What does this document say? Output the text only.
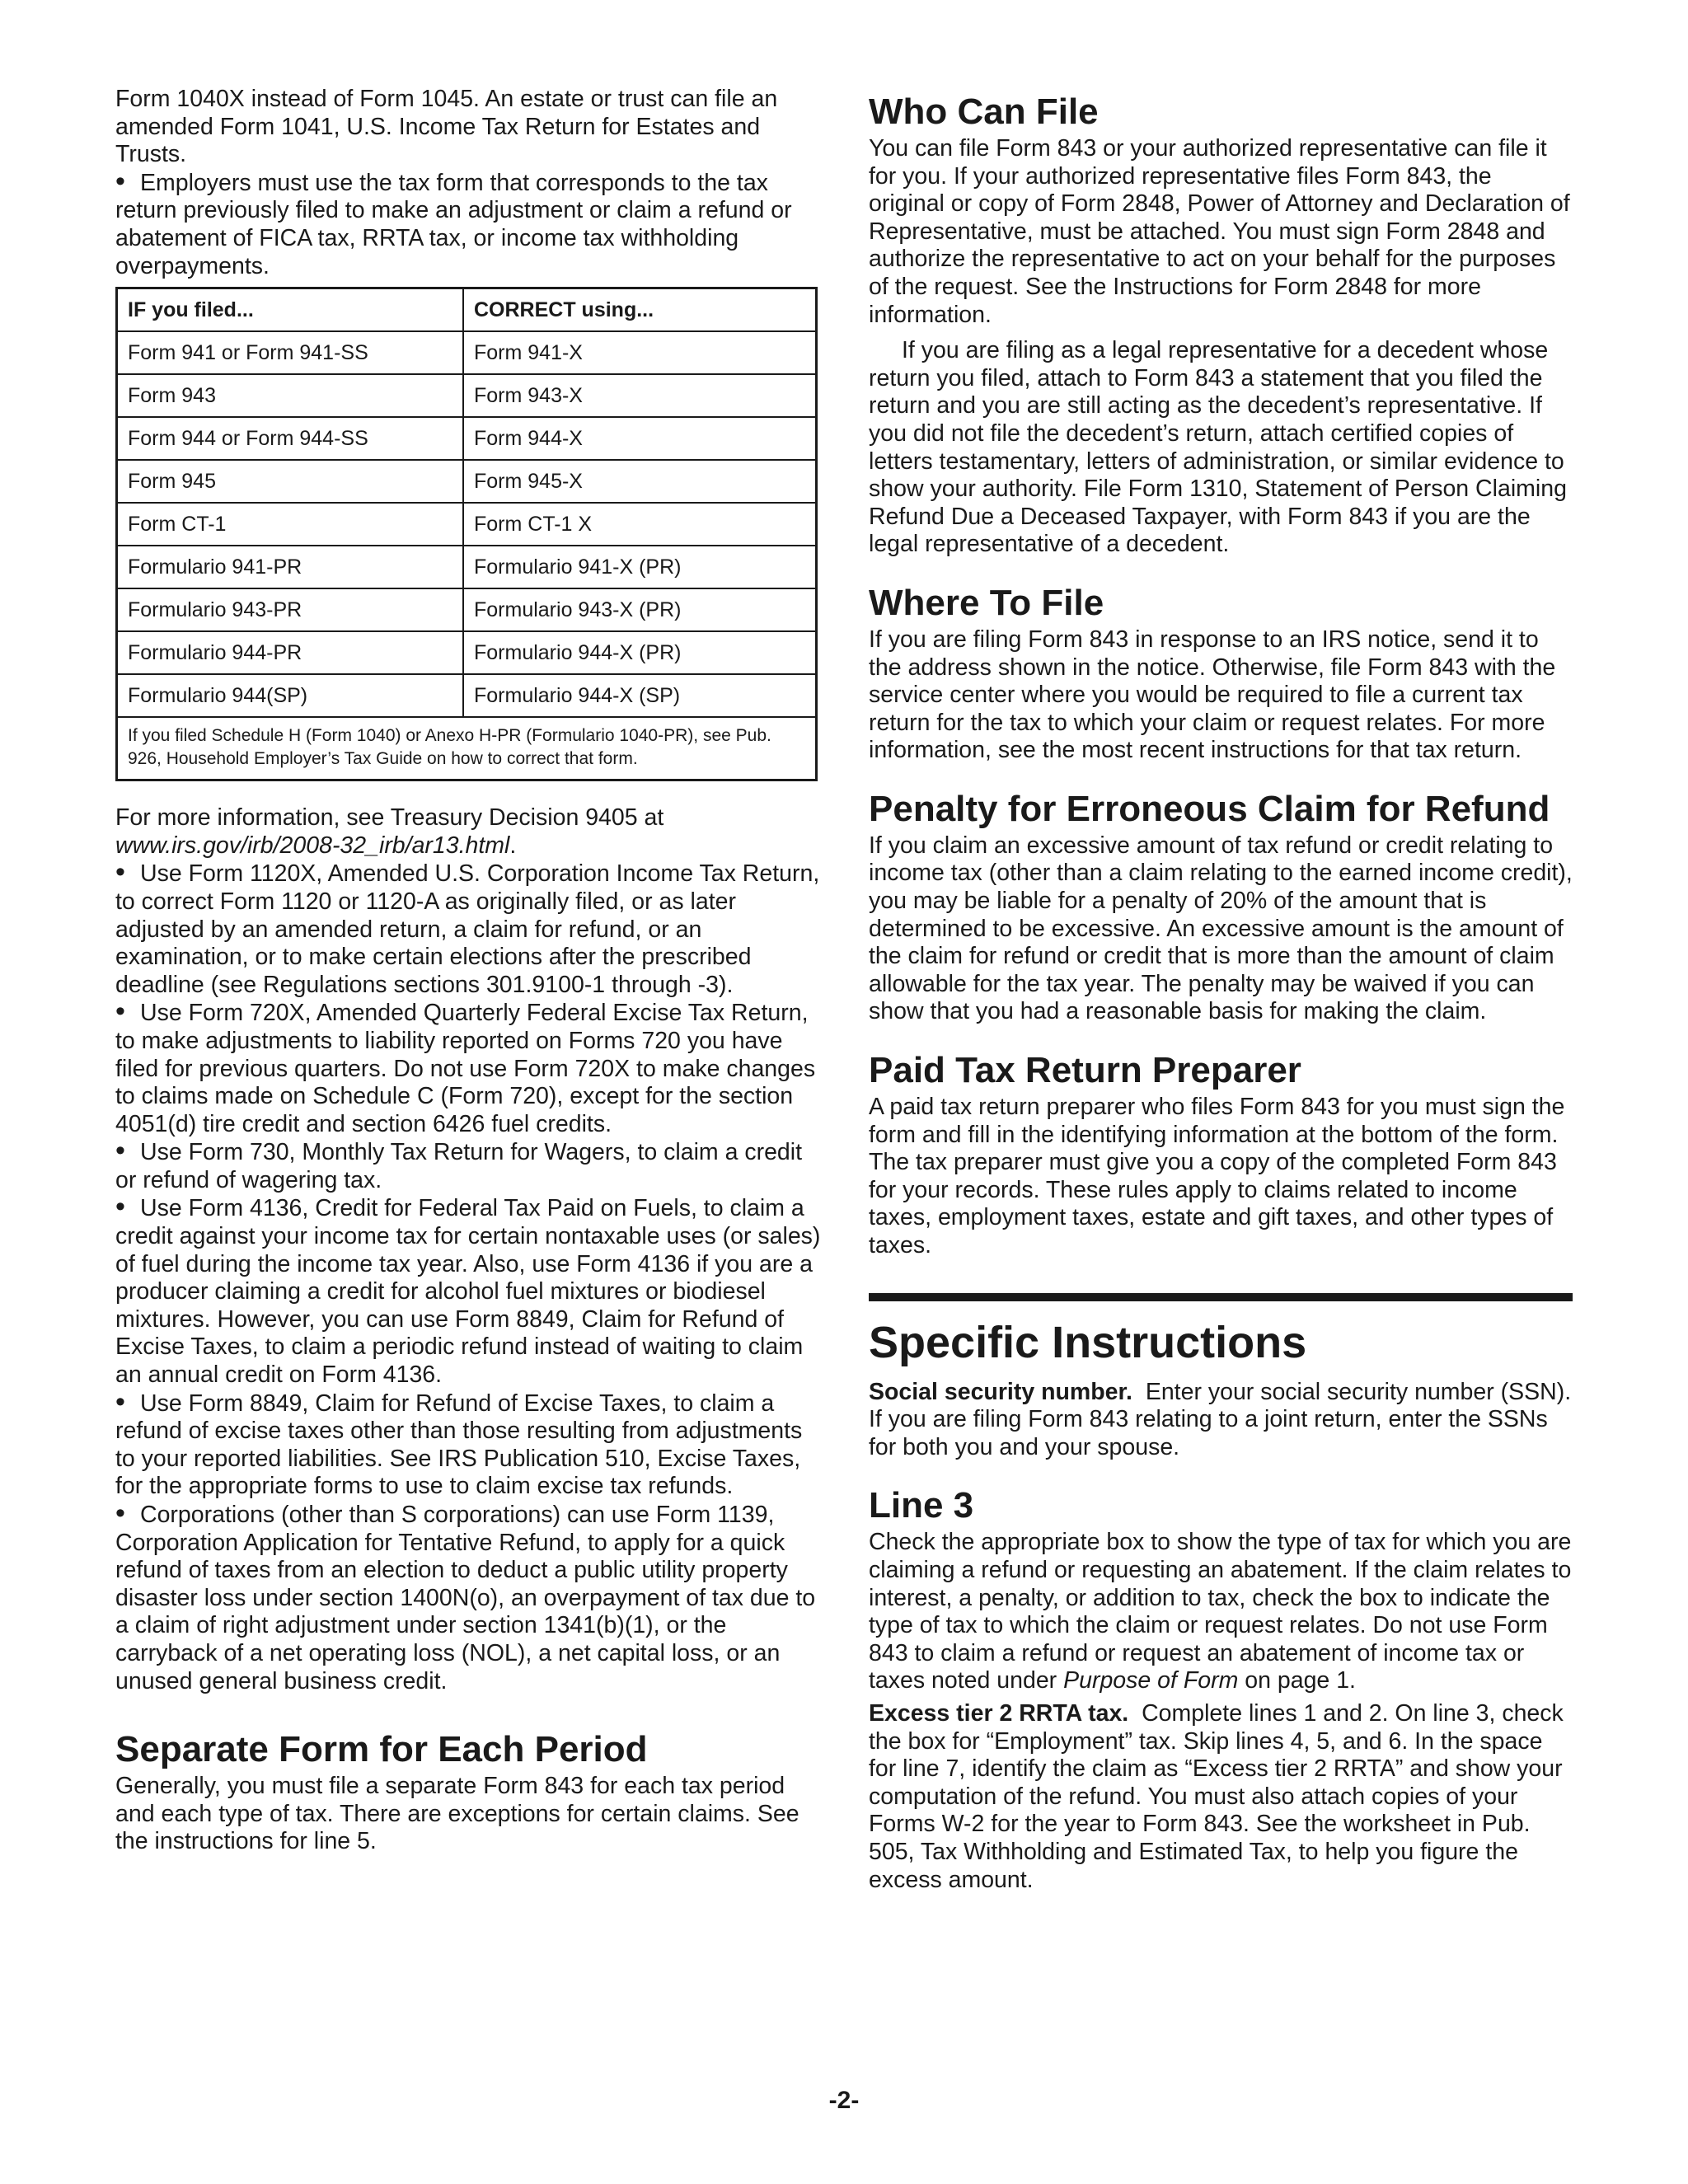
Form 1040X instead of Form 1045. An estate or trust can file an amended Form 1041, U.S. Income Tax Return for Estates and Trusts.

• Employers must use the tax form that corresponds to the tax return previously filed to make an adjustment or claim a refund or abatement of FICA tax, RRTA tax, or income tax withholding overpayments.

IF you filed...	CORRECT using...
Form 941 or Form 941-SS	Form 941-X
Form 943	Form 943-X
Form 944 or Form 944-SS	Form 944-X
Form 945	Form 945-X
Form CT-1	Form CT-1 X
Formulario 941-PR	Formulario 941-X (PR)
Formulario 943-PR	Formulario 943-X (PR)
Formulario 944-PR	Formulario 944-X (PR)
Formulario 944(SP)	Formulario 944-X (SP)
If you filed Schedule H (Form 1040) or Anexo H-PR (Formulario 1040-PR), see Pub. 926, Household Employer’s Tax Guide on how to correct that form.	

For more information, see Treasury Decision 9405 at www.irs.gov/irb/2008-32_irb/ar13.html.

• Use Form 1120X, Amended U.S. Corporation Income Tax Return, to correct Form 1120 or 1120-A as originally filed, or as later adjusted by an amended return, a claim for refund, or an examination, or to make certain elections after the prescribed deadline (see Regulations sections 301.9100-1 through -3).

• Use Form 720X, Amended Quarterly Federal Excise Tax Return, to make adjustments to liability reported on Forms 720 you have filed for previous quarters. Do not use Form 720X to make changes to claims made on Schedule C (Form 720), except for the section 4051(d) tire credit and section 6426 fuel credits.

• Use Form 730, Monthly Tax Return for Wagers, to claim a credit or refund of wagering tax.

• Use Form 4136, Credit for Federal Tax Paid on Fuels, to claim a credit against your income tax for certain nontaxable uses (or sales) of fuel during the income tax year. Also, use Form 4136 if you are a producer claiming a credit for alcohol fuel mixtures or biodiesel mixtures. However, you can use Form 8849, Claim for Refund of Excise Taxes, to claim a periodic refund instead of waiting to claim an annual credit on Form 4136.

• Use Form 8849, Claim for Refund of Excise Taxes, to claim a refund of excise taxes other than those resulting from adjustments to your reported liabilities. See IRS Publication 510, Excise Taxes, for the appropriate forms to use to claim excise tax refunds.

• Corporations (other than S corporations) can use Form 1139, Corporation Application for Tentative Refund, to apply for a quick refund of taxes from an election to deduct a public utility property disaster loss under section 1400N(o), an overpayment of tax due to a claim of right adjustment under section 1341(b)(1), or the carryback of a net operating loss (NOL), a net capital loss, or an unused general business credit.

Separate Form for Each Period

Generally, you must file a separate Form 843 for each tax period and each type of tax. There are exceptions for certain claims. See the instructions for line 5.

Who Can File

You can file Form 843 or your authorized representative can file it for you. If your authorized representative files Form 843, the original or copy of Form 2848, Power of Attorney and Declaration of Representative, must be attached. You must sign Form 2848 and authorize the representative to act on your behalf for the purposes of the request. See the Instructions for Form 2848 for more information.

If you are filing as a legal representative for a decedent whose return you filed, attach to Form 843 a statement that you filed the return and you are still acting as the decedent’s representative. If you did not file the decedent’s return, attach certified copies of letters testamentary, letters of administration, or similar evidence to show your authority. File Form 1310, Statement of Person Claiming Refund Due a Deceased Taxpayer, with Form 843 if you are the legal representative of a decedent.

Where To File

If you are filing Form 843 in response to an IRS notice, send it to the address shown in the notice. Otherwise, file Form 843 with the service center where you would be required to file a current tax return for the tax to which your claim or request relates. For more information, see the most recent instructions for that tax return.

Penalty for Erroneous Claim for Refund

If you claim an excessive amount of tax refund or credit relating to income tax (other than a claim relating to the earned income credit), you may be liable for a penalty of 20% of the amount that is determined to be excessive. An excessive amount is the amount of the claim for refund or credit that is more than the amount of claim allowable for the tax year. The penalty may be waived if you can show that you had a reasonable basis for making the claim.

Paid Tax Return Preparer

A paid tax return preparer who files Form 843 for you must sign the form and fill in the identifying information at the bottom of the form. The tax preparer must give you a copy of the completed Form 843 for your records. These rules apply to claims related to income taxes, employment taxes, estate and gift taxes, and other types of taxes.

Specific Instructions

Social security number. Enter your social security number (SSN). If you are filing Form 843 relating to a joint return, enter the SSNs for both you and your spouse.

Line 3

Check the appropriate box to show the type of tax for which you are claiming a refund or requesting an abatement. If the claim relates to interest, a penalty, or addition to tax, check the box to indicate the type of tax to which the claim or request relates. Do not use Form 843 to claim a refund or request an abatement of income tax or taxes noted under Purpose of Form on page 1.

Excess tier 2 RRTA tax. Complete lines 1 and 2. On line 3, check the box for “Employment” tax. Skip lines 4, 5, and 6. In the space for line 7, identify the claim as “Excess tier 2 RRTA” and show your computation of the refund. You must also attach copies of your Forms W-2 for the year to Form 843. See the worksheet in Pub. 505, Tax Withholding and Estimated Tax, to help you figure the excess amount.

-2-
